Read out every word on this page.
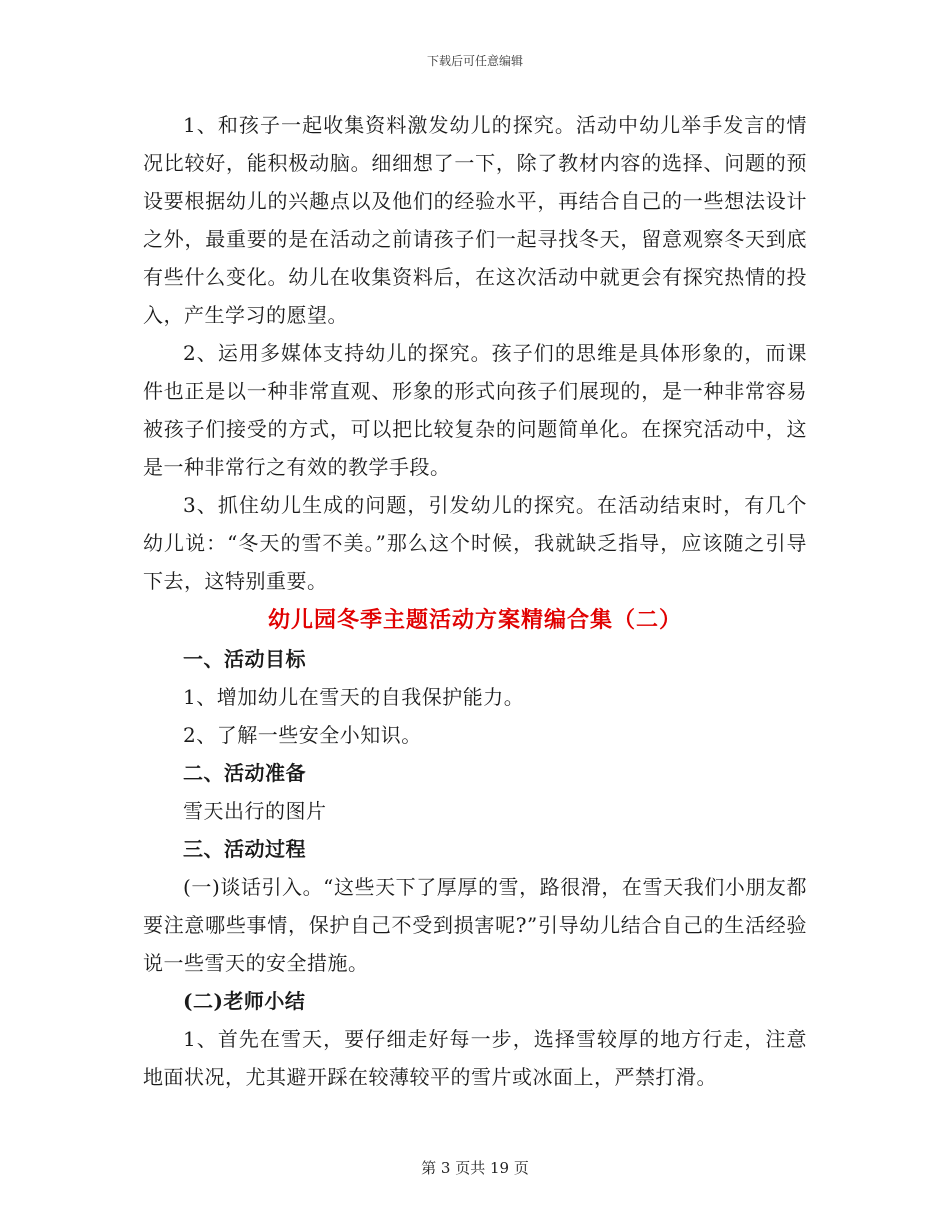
下载后可任意编辑

1、和孩子一起收集资料激发幼儿的探究。活动中幼儿举手发言的情况比较好，能积极动脑。细细想了一下，除了教材内容的选择、问题的预设要根据幼儿的兴趣点以及他们的经验水平，再结合自己的一些想法设计之外，最重要的是在活动之前请孩子们一起寻找冬天，留意观察冬天到底有些什么变化。幼儿在收集资料后，在这次活动中就更会有探究热情的投入，产生学习的愿望。

2、运用多媒体支持幼儿的探究。孩子们的思维是具体形象的，而课件也正是以一种非常直观、形象的形式向孩子们展现的，是一种非常容易被孩子们接受的方式，可以把比较复杂的问题简单化。在探究活动中，这是一种非常行之有效的教学手段。

3、抓住幼儿生成的问题，引发幼儿的探究。在活动结束时，有几个幼儿说：“冬天的雪不美。”那么这个时候，我就缺乏指导，应该随之引导下去，这特别重要。

幼儿园冬季主题活动方案精编合集（二）

一、活动目标

1、增加幼儿在雪天的自我保护能力。

2、了解一些安全小知识。

二、活动准备

雪天出行的图片

三、活动过程

(一)谈话引入。“这些天下了厚厚的雪，路很滑，在雪天我们小朋友都要注意哪些事情，保护自己不受到损害呢?”引导幼儿结合自己的生活经验说一些雪天的安全措施。

(二)老师小结

1、首先在雪天，要仔细走好每一步，选择雪较厚的地方行走，注意地面状况，尤其避开踩在较薄较平的雪片或冰面上，严禁打滑。

第 3 页共 19 页
